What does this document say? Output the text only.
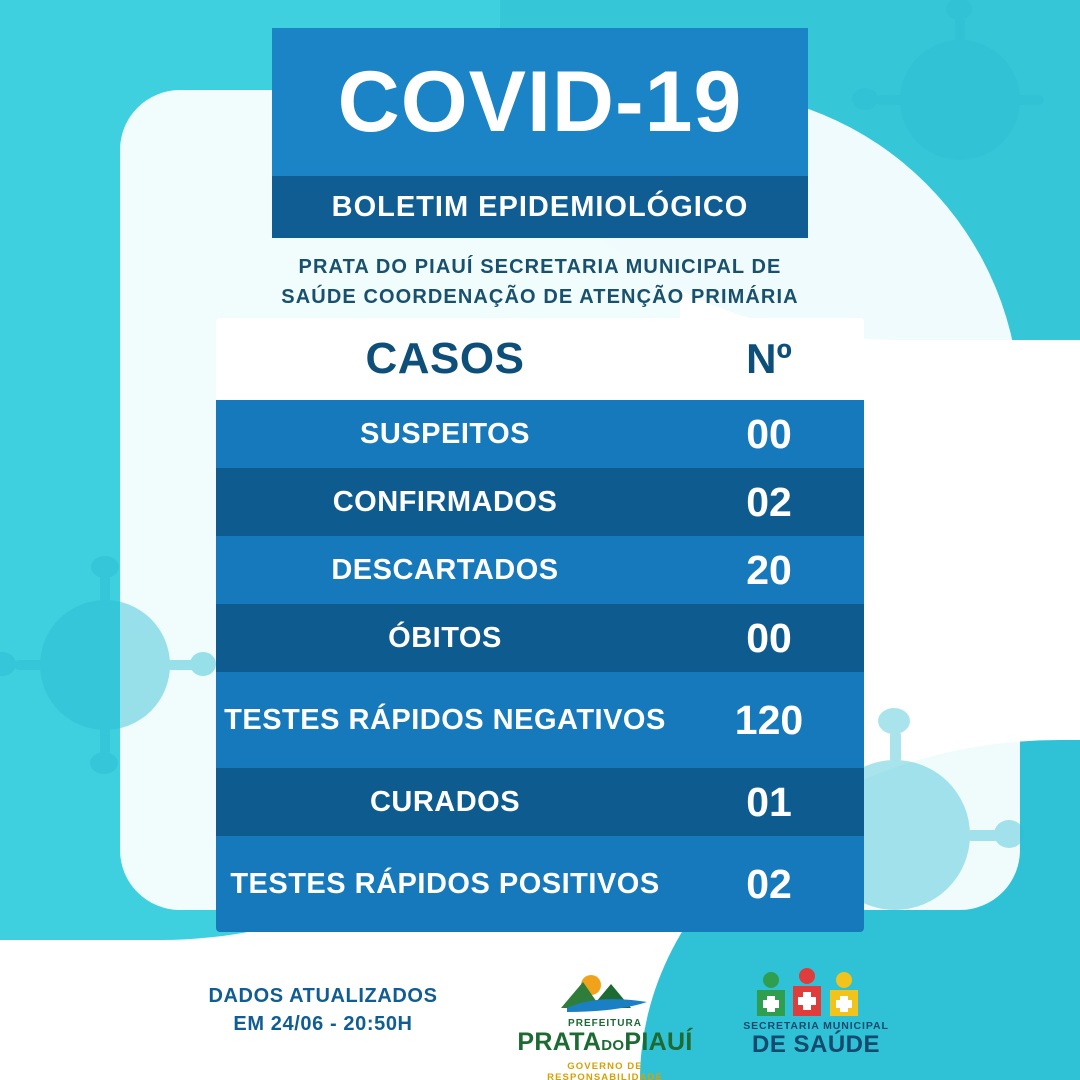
COVID-19
BOLETIM EPIDEMIOLÓGICO
PRATA DO PIAUÍ SECRETARIA MUNICIPAL DE
SAÚDE COORDENAÇÃO DE ATENÇÃO PRIMÁRIA
CASOS	Nº
SUSPEITOS	00
CONFIRMADOS	02
DESCARTADOS	20
ÓBITOS	00
TESTES RÁPIDOS NEGATIVOS	120
CURADOS	01
TESTES RÁPIDOS POSITIVOS	02
DADOS ATUALIZADOS
EM 24/06 - 20:50H	PREFEITURA
PRATADOPIAUÍ
GOVERNO DE RESPONSABILIDADE
SECRETARIA MUNICIPAL
DE SAÚDE
